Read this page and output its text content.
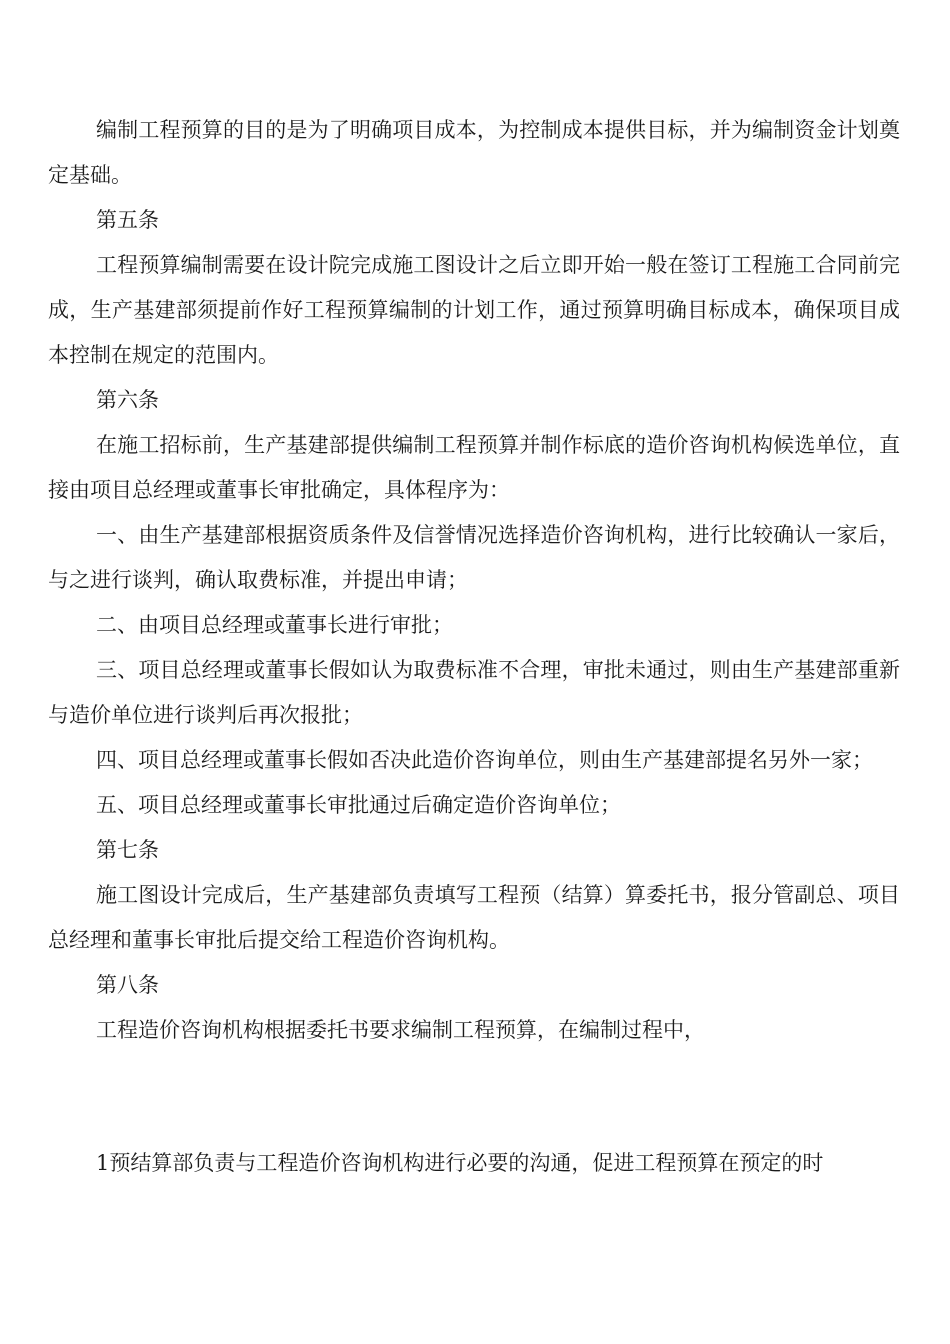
编制工程预算的目的是为了明确项目成本，为控制成本提供目标，并为编制资金计划奠定基础。

第五条

工程预算编制需要在设计院完成施工图设计之后立即开始一般在签订工程施工合同前完成，生产基建部须提前作好工程预算编制的计划工作，通过预算明确目标成本，确保项目成本控制在规定的范围内。

第六条

在施工招标前，生产基建部提供编制工程预算并制作标底的造价咨询机构候选单位，直接由项目总经理或董事长审批确定，具体程序为：

一、由生产基建部根据资质条件及信誉情况选择造价咨询机构，进行比较确认一家后，与之进行谈判，确认取费标准，并提出申请；

二、由项目总经理或董事长进行审批；

三、项目总经理或董事长假如认为取费标准不合理，审批未通过，则由生产基建部重新与造价单位进行谈判后再次报批；

四、项目总经理或董事长假如否决此造价咨询单位，则由生产基建部提名另外一家；

五、项目总经理或董事长审批通过后确定造价咨询单位；

第七条

施工图设计完成后，生产基建部负责填写工程预（结算）算委托书，报分管副总、项目总经理和董事长审批后提交给工程造价咨询机构。

第八条

工程造价咨询机构根据委托书要求编制工程预算，在编制过程中，

1预结算部负责与工程造价咨询机构进行必要的沟通，促进工程预算在预定的时
